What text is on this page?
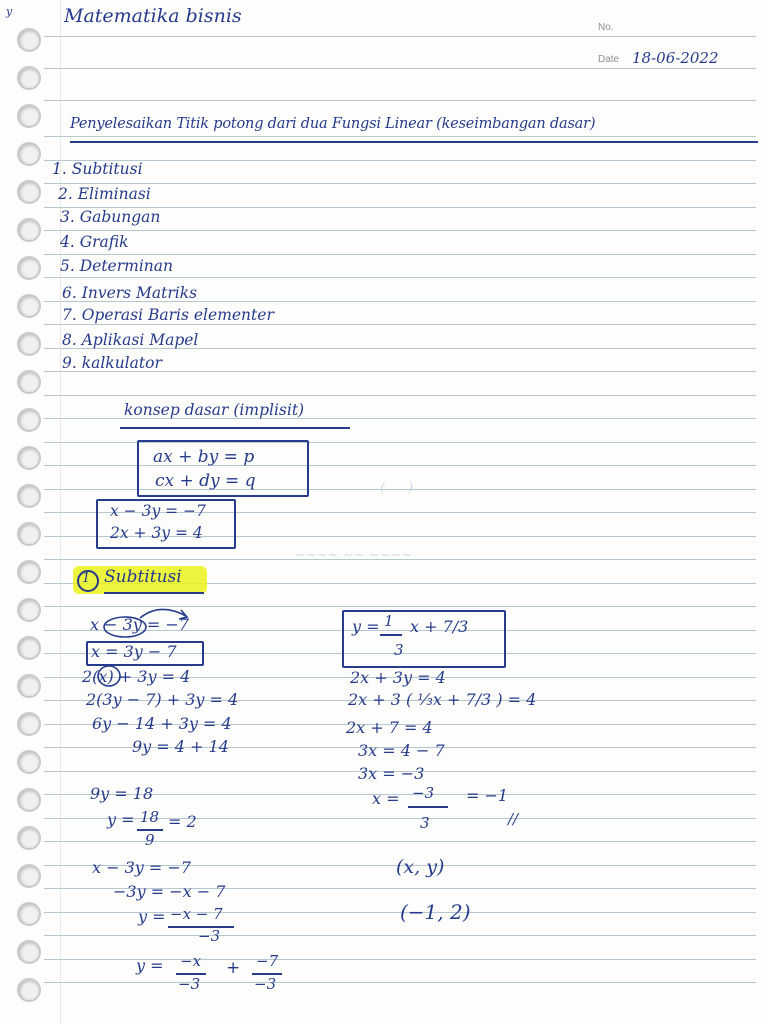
(     )
~~~~ ~~ ~~~~
y	Matematika bisnis
No.
Date 18-06-2022
Penyelesaikan Titik potong dari dua Fungsi Linear (keseimbangan dasar)
1. Subtitusi
2. Eliminasi
3. Gabungan
4. Grafik
5. Determinan
6. Invers Matriks
7. Operasi Baris elementer
8. Aplikasi Mapel
9. kalkulator
konsep dasar (implisit)
ax + by = p
cx + dy = q
x − 3y = −7
2x + 3y = 4
1 Subtitusi
x − 3y = −7
x = 3y − 7
2(x) + 3y = 4
2(3y − 7) + 3y = 4
6y − 14 + 3y = 4
9y = 4 + 14
9y = 18
y = 18
9
= 2
x − 3y = −7
−3y = −x − 7
y = −x − 7
−3
y = −x
−3
+ −7
−3
y = 1
3
x + 7/3
2x + 3y = 4
2x + 3 ( ⅓x + 7/3 ) = 4
2x + 7 = 4
3x = 4 − 7
3x = −3
x = −3
3
= −1
//
(x, y)
(−1, 2)
